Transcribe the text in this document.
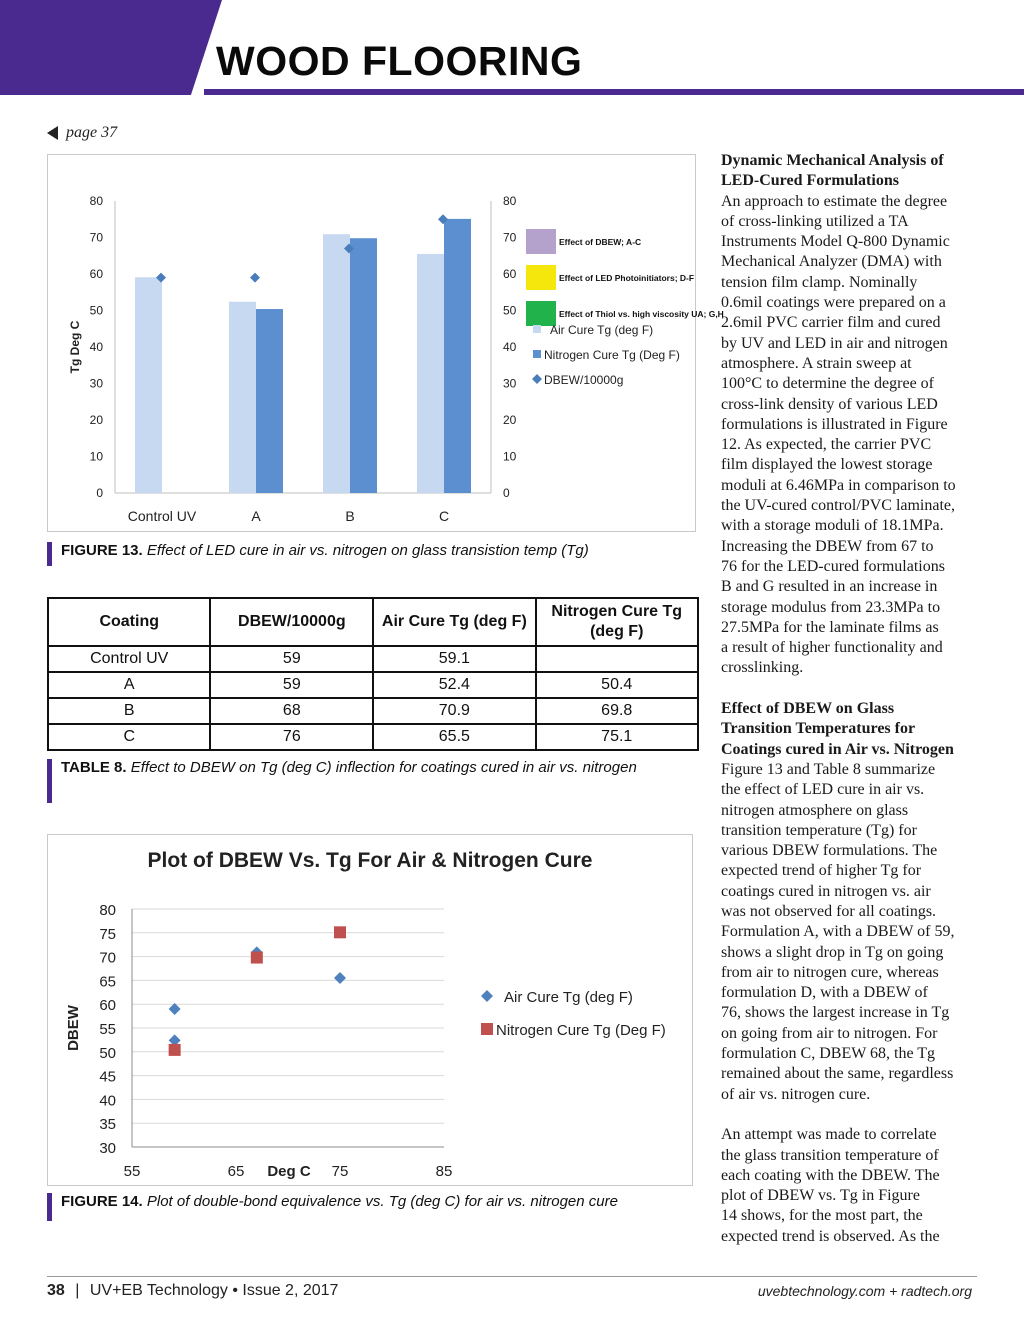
WOOD FLOORING
page 37
0
10
20
30
40
50
60
70
80
0
10
20
30
40
50
60
70
80
Tg Deg C
Control UV	A	B	C
Effect of DBEW; A-C
Effect of LED Photoinitiators; D-F
Effect of Thiol vs. high viscosity UA; G,H
Air Cure Tg (deg F)
Nitrogen Cure Tg (Deg F)
DBEW/10000g
FIGURE 13. Effect of LED cure in air vs. nitrogen on glass transistion temp (Tg)
Coating	DBEW/10000g	Air Cure Tg (deg F)	Nitrogen Cure Tg (deg F)
Control UV	59	59.1	
A	59	52.4	50.4
B	68	70.9	69.8
C	76	65.5	75.1
TABLE 8. Effect to DBEW on Tg (deg C) inflection for coatings cured in air vs. nitrogen
Plot of DBEW Vs. Tg For Air & Nitrogen Cure
30
35
40
45
50
55
60
65
70
75
80
55	65	75	85
Deg C
DBEW
Air Cure Tg (deg F)
Nitrogen Cure Tg (Deg F)
FIGURE 14. Plot of double-bond equivalence vs. Tg (deg C) for air vs. nitrogen cure

Dynamic Mechanical Analysis of

LED-Cured Formulations

An approach to estimate the degree

of cross-linking utilized a TA

Instruments Model Q-800 Dynamic

Mechanical Analyzer (DMA) with

tension film clamp. Nominally

0.6mil coatings were prepared on a

2.6mil PVC carrier film and cured

by UV and LED in air and nitrogen

atmosphere. A strain sweep at

100°C to determine the degree of

cross-link density of various LED

formulations is illustrated in Figure

12. As expected, the carrier PVC

film displayed the lowest storage

moduli at 6.46MPa in comparison to

the UV-cured control/PVC laminate,

with a storage moduli of 18.1MPa.

Increasing the DBEW from 67 to

76 for the LED-cured formulations

B and G resulted in an increase in

storage modulus from 23.3MPa to

27.5MPa for the laminate films as

a result of higher functionality and

crosslinking.

Effect of DBEW on Glass

Transition Temperatures for

Coatings cured in Air vs. Nitrogen

Figure 13 and Table 8 summarize

the effect of LED cure in air vs.

nitrogen atmosphere on glass

transition temperature (Tg) for

various DBEW formulations. The

expected trend of higher Tg for

coatings cured in nitrogen vs. air

was not observed for all coatings.

Formulation A, with a DBEW of 59,

shows a slight drop in Tg on going

from air to nitrogen cure, whereas

formulation D, with a DBEW of

76, shows the largest increase in Tg

on going from air to nitrogen. For

formulation C, DBEW 68, the Tg

remained about the same, regardless

of air vs. nitrogen cure.

An attempt was made to correlate

the glass transition temperature of

each coating with the DBEW. The

plot of DBEW vs. Tg in Figure

14 shows, for the most part, the

expected trend is observed. As the

38 | UV+EB Technology • Issue 2, 2017	uvebtechnology.com + radtech.org
